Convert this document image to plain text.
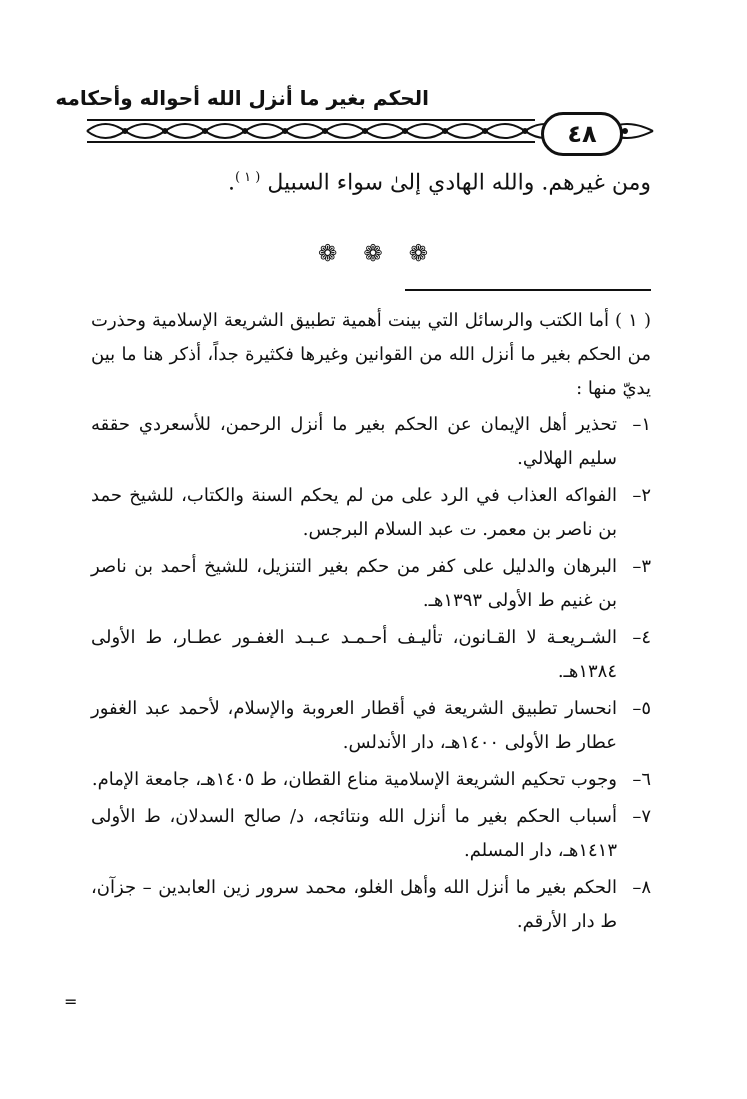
الحكم بغير ما أنزل الله أحواله وأحكامه
٤٨
ومن غيرهم. والله الهادي إلىٰ سواء السبيل $^{( ١ )}$.
❁ ❁ ❁

( ١ )أما الكتب والرسائل التي بينت أهمية تطبيق الشريعة الإسلامية وحذرت من الحكم بغير ما أنزل الله من القوانين وغيرها فكثيرة جداً، أذكر هنا ما بين يديّ منها :

١–تحذير أهل الإيمان عن الحكم بغير ما أنزل الرحمن، للأسعردي حققه سليم الهلالي.

٢–الفواكه العذاب في الرد على من لم يحكم السنة والكتاب، للشيخ حمد بن ناصر بن معمر. ت عبد السلام البرجس.

٣–البرهان والدليل على كفر من حكم بغير التنزيل، للشيخ أحمد بن ناصر بن غنيم ط الأولى ١٣٩٣هـ.

٤–الشـريعـة لا القـانون، تأليـف أحـمـد عـبـد الغفـور عطـار، ط الأولى ١٣٨٤هـ.

٥–انحسار تطبيق الشريعة في أقطار العروبة والإسلام، لأحمد عبد الغفور عطار ط الأولى ١٤٠٠هـ، دار الأندلس.

٦–وجوب تحكيم الشريعة الإسلامية مناع القطان، ط ١٤٠٥هـ، جامعة الإمام.

٧–أسباب الحكم بغير ما أنزل الله ونتائجه، د/ صالح السدلان، ط الأولى ١٤١٣هـ، دار المسلم.

٨–الحكم بغير ما أنزل الله وأهل الغلو، محمد سرور زين العابدين – جزآن، ط دار الأرقم.

=
